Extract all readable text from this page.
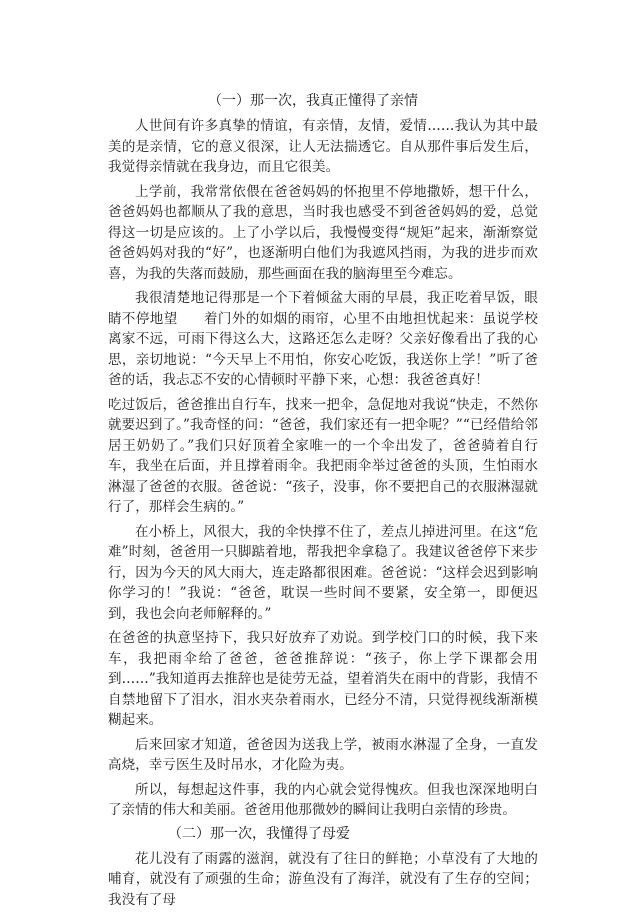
（一）那一次，我真正懂得了亲情

人世间有许多真挚的情谊，有亲情，友情，爱情……我认为其中最美的是亲情，它的意义很深，让人无法揣透它。自从那件事后发生后，我觉得亲情就在我身边，而且它很美。

上学前，我常常依偎在爸爸妈妈的怀抱里不停地撒娇，想干什么，爸爸妈妈也都顺从了我的意思，当时我也感受不到爸爸妈妈的爱，总觉得这一切是应该的。上了小学以后，我慢慢变得“规矩”起来，渐渐察觉爸爸妈妈对我的“好”，也逐渐明白他们为我遮风挡雨，为我的进步而欢喜，为我的失落而鼓励，那些画面在我的脑海里至今难忘。

我很清楚地记得那是一个下着倾盆大雨的早晨，我正吃着早饭，眼睛不停地望 着门外的如烟的雨帘，心里不由地担忧起来：虽说学校离家不远，可雨下得这么大，这路还怎么走呀？父亲好像看出了我的心思，亲切地说：“今天早上不用怕，你安心吃饭，我送你上学！”听了爸爸的话，我忐忑不安的心情顿时平静下来，心想：我爸爸真好！

吃过饭后，爸爸推出自行车，找来一把伞，急促地对我说“快走，不然你就要迟到了。”我奇怪的问：“爸爸，我们家还有一把伞呢？”“已经借给邻居王奶奶了。”我们只好顶着全家唯一的一个伞出发了，爸爸骑着自行车，我坐在后面，并且撑着雨伞。我把雨伞举过爸爸的头顶，生怕雨水淋湿了爸爸的衣服。爸爸说：“孩子，没事，你不要把自己的衣服淋湿就行了，那样会生病的。”

在小桥上，风很大，我的伞快撑不住了，差点儿掉进河里。在这“危难”时刻，爸爸用一只脚踮着地，帮我把伞拿稳了。我建议爸爸停下来步行，因为今天的风大雨大，连走路都很困难。爸爸说：“这样会迟到影响你学习的！”我说：“爸爸，耽误一些时间不要紧，安全第一，即便迟到，我也会向老师解释的。”

在爸爸的执意坚持下，我只好放弃了劝说。到学校门口的时候，我下来车，我把雨伞给了爸爸，爸爸推辞说：“孩子，你上学下课都会用到……”我知道再去推辞也是徒劳无益，望着消失在雨中的背影，我情不自禁地留下了泪水，泪水夹杂着雨水，已经分不清，只觉得视线渐渐模糊起来。

后来回家才知道，爸爸因为送我上学，被雨水淋湿了全身，一直发高烧，幸亏医生及时吊水，才化险为夷。

所以，每想起这件事，我的内心就会觉得愧疚。但我也深深地明白了亲情的伟大和美丽。爸爸用他那微妙的瞬间让我明白亲情的珍贵。

（二）那一次，我懂得了母爱

花儿没有了雨露的滋润，就没有了往日的鲜艳；小草没有了大地的哺育，就没有了顽强的生命；游鱼没有了海洋，就没有了生存的空间；我没有了母
